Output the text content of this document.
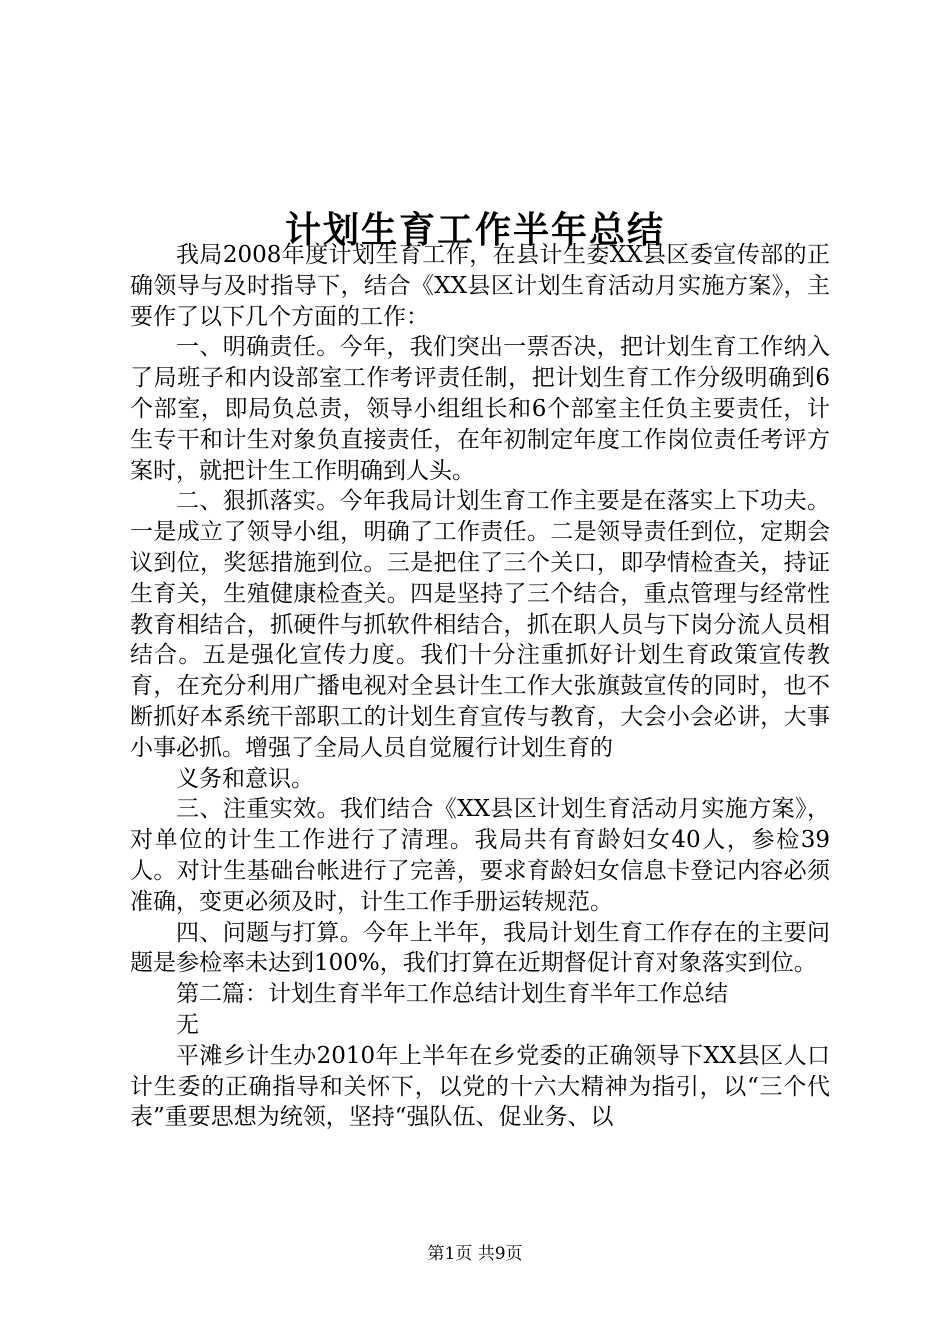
计划生育工作半年总结

我局2008年度计划生育工作，在县计生委XX县区委宣传部的正确领导与及时指导下，结合《XX县区计划生育活动月实施方案》，主要作了以下几个方面的工作：

一、明确责任。今年，我们突出一票否决，把计划生育工作纳入了局班子和内设部室工作考评责任制，把计划生育工作分级明确到6个部室，即局负总责，领导小组组长和6个部室主任负主要责任，计生专干和计生对象负直接责任，在年初制定年度工作岗位责任考评方案时，就把计生工作明确到人头。

二、狠抓落实。今年我局计划生育工作主要是在落实上下功夫。一是成立了领导小组，明确了工作责任。二是领导责任到位，定期会议到位，奖惩措施到位。三是把住了三个关口，即孕情检查关，持证生育关，生殖健康检查关。四是坚持了三个结合，重点管理与经常性教育相结合，抓硬件与抓软件相结合，抓在职人员与下岗分流人员相结合。五是强化宣传力度。我们十分注重抓好计划生育政策宣传教育，在充分利用广播电视对全县计生工作大张旗鼓宣传的同时，也不断抓好本系统干部职工的计划生育宣传与教育，大会小会必讲，大事小事必抓。增强了全局人员自觉履行计划生育的

义务和意识。

三、注重实效。我们结合《XX县区计划生育活动月实施方案》，对单位的计生工作进行了清理。我局共有育龄妇女40人，参检39人。对计生基础台帐进行了完善，要求育龄妇女信息卡登记内容必须准确，变更必须及时，计生工作手册运转规范。

四、问题与打算。今年上半年，我局计划生育工作存在的主要问题是参检率未达到100%，我们打算在近期督促计育对象落实到位。

第二篇：计划生育半年工作总结计划生育半年工作总结

无

平滩乡计生办2010年上半年在乡党委的正确领导下XX县区人口计生委的正确指导和关怀下，以党的十六大精神为指引，以“三个代表”重要思想为统领，坚持“强队伍、促业务、以

第1页 共9页
